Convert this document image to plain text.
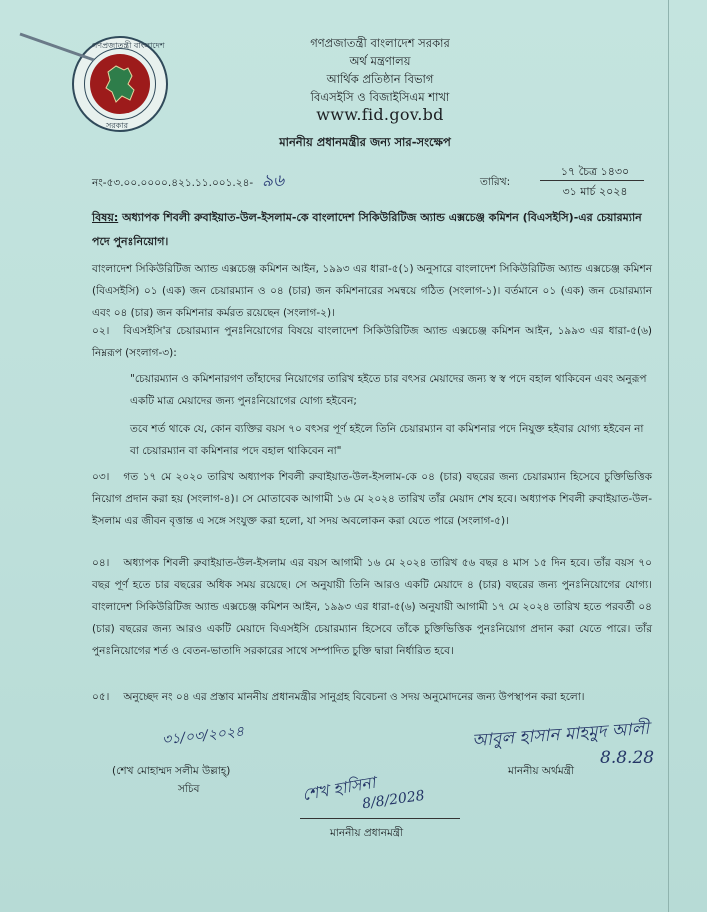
গণপ্রজাতন্ত্রী বাংলাদেশ
সরকার
গণপ্রজাতন্ত্রী বাংলাদেশ সরকার
অর্থ মন্ত্রণালয়
আর্থিক প্রতিষ্ঠান বিভাগ
বিএসইসি ও বিজাইসিএম শাখা
www.fid.gov.bd
মাননীয় প্রধানমন্ত্রীর জন্য সার-সংক্ষেপ
নং-৫৩.০০.০০০০.৪২১.১১.০০১.২৪- ৯৬	তারিখ:
১৭ চৈত্র ১৪৩০
৩১ মার্চ ২০২৪
বিষয়: অধ্যাপক শিবলী রুবাইয়াত-উল-ইসলাম-কে বাংলাদেশ সিকিউরিটিজ অ্যান্ড এক্সচেঞ্জ কমিশন (বিএসইসি)-এর চেয়ারম্যান পদে পুনঃনিয়োগ।
বাংলাদেশ সিকিউরিটিজ অ্যান্ড এক্সচেঞ্জ কমিশন আইন, ১৯৯৩ এর ধারা-৫(১) অনুসারে বাংলাদেশ সিকিউরিটিজ অ্যান্ড এক্সচেঞ্জ কমিশন (বিএসইসি) ০১ (এক) জন চেয়ারম্যান ও ০৪ (চার) জন কমিশনারের সমন্বয়ে গঠিত (সংলাগ-১)। বর্তমানে ০১ (এক) জন চেয়ারম্যান এবং ০৪ (চার) জন কমিশনার কর্মরত রয়েছেন (সংলাগ-২)।
০২। বিএসইসি'র চেয়ারম্যান পুনঃনিয়োগের বিষয়ে বাংলাদেশ সিকিউরিটিজ অ্যান্ড এক্সচেঞ্জ কমিশন আইন, ১৯৯৩ এর ধারা-৫(৬) নিম্নরূপ (সংলাগ-৩):
"চেয়ারম্যান ও কমিশনারগণ তাঁহাদের নিয়োগের তারিখ হইতে চার বৎসর মেয়াদের জন্য স্ব স্ব পদে বহাল থাকিবেন এবং অনুরূপ একটি মাত্র মেয়াদের জন্য পুনঃনিয়োগের যোগ্য হইবেন;
তবে শর্ত থাকে যে, কোন ব্যক্তির বয়স ৭০ বৎসর পূর্ণ হইলে তিনি চেয়ারম্যান বা কমিশনার পদে নিযুক্ত হইবার যোগ্য হইবেন না বা চেয়ারম্যান বা কমিশনার পদে বহাল থাকিবেন না"
০৩। গত ১৭ মে ২০২০ তারিখ অধ্যাপক শিবলী রুবাইয়াত-উল-ইসলাম-কে ০৪ (চার) বছরের জন্য চেয়ারম্যান হিসেবে চুক্তিভিত্তিক নিয়োগ প্রদান করা হয় (সংলাগ-৪)। সে মোতাবেক আগামী ১৬ মে ২০২৪ তারিখ তাঁর মেয়াদ শেষ হবে। অধ্যাপক শিবলী রুবাইয়াত-উল-ইসলাম এর জীবন বৃত্তান্ত এ সঙ্গে সংযুক্ত করা হলো, যা সদয় অবলোকন করা যেতে পারে (সংলাগ-৫)।
০৪। অধ্যাপক শিবলী রুবাইয়াত-উল-ইসলাম এর বয়স আগামী ১৬ মে ২০২৪ তারিখ ৫৬ বছর ৪ মাস ১৫ দিন হবে। তাঁর বয়স ৭০ বছর পূর্ণ হতে চার বছরের অধিক সময় রয়েছে। সে অনুযায়ী তিনি আরও একটি মেয়াদে ৪ (চার) বছরের জন্য পুনঃনিয়োগের যোগ্য। বাংলাদেশ সিকিউরিটিজ অ্যান্ড এক্সচেঞ্জ কমিশন আইন, ১৯৯৩ এর ধারা-৫(৬) অনুযায়ী আগামী ১৭ মে ২০২৪ তারিখ হতে পরবর্তী ০৪ (চার) বছরের জন্য আরও একটি মেয়াদে বিএসইসি চেয়ারম্যান হিসেবে তাঁকে চুক্তিভিত্তিক পুনঃনিয়োগ প্রদান করা যেতে পারে। তাঁর পুনঃনিয়োগের শর্ত ও বেতন-ভাতাদি সরকারের সাথে সম্পাদিত চুক্তি দ্বারা নির্ধারিত হবে।
০৫। অনুচ্ছেদ নং ০৪ এর প্রস্তাব মাননীয় প্রধানমন্ত্রীর সানুগ্রহ বিবেচনা ও সদয় অনুমোদনের জন্য উপস্থাপন করা হলো।
৩১/০৩/২০২৪
(শেখ মোহাম্মদ সলীম উল্লাহ্)
সচিব
আবুল হাসান মাহমুদ আলী
8.8.28
মাননীয় অর্থমন্ত্রী
শেখ হাসিনা
8/8/2028
মাননীয় প্রধানমন্ত্রী
